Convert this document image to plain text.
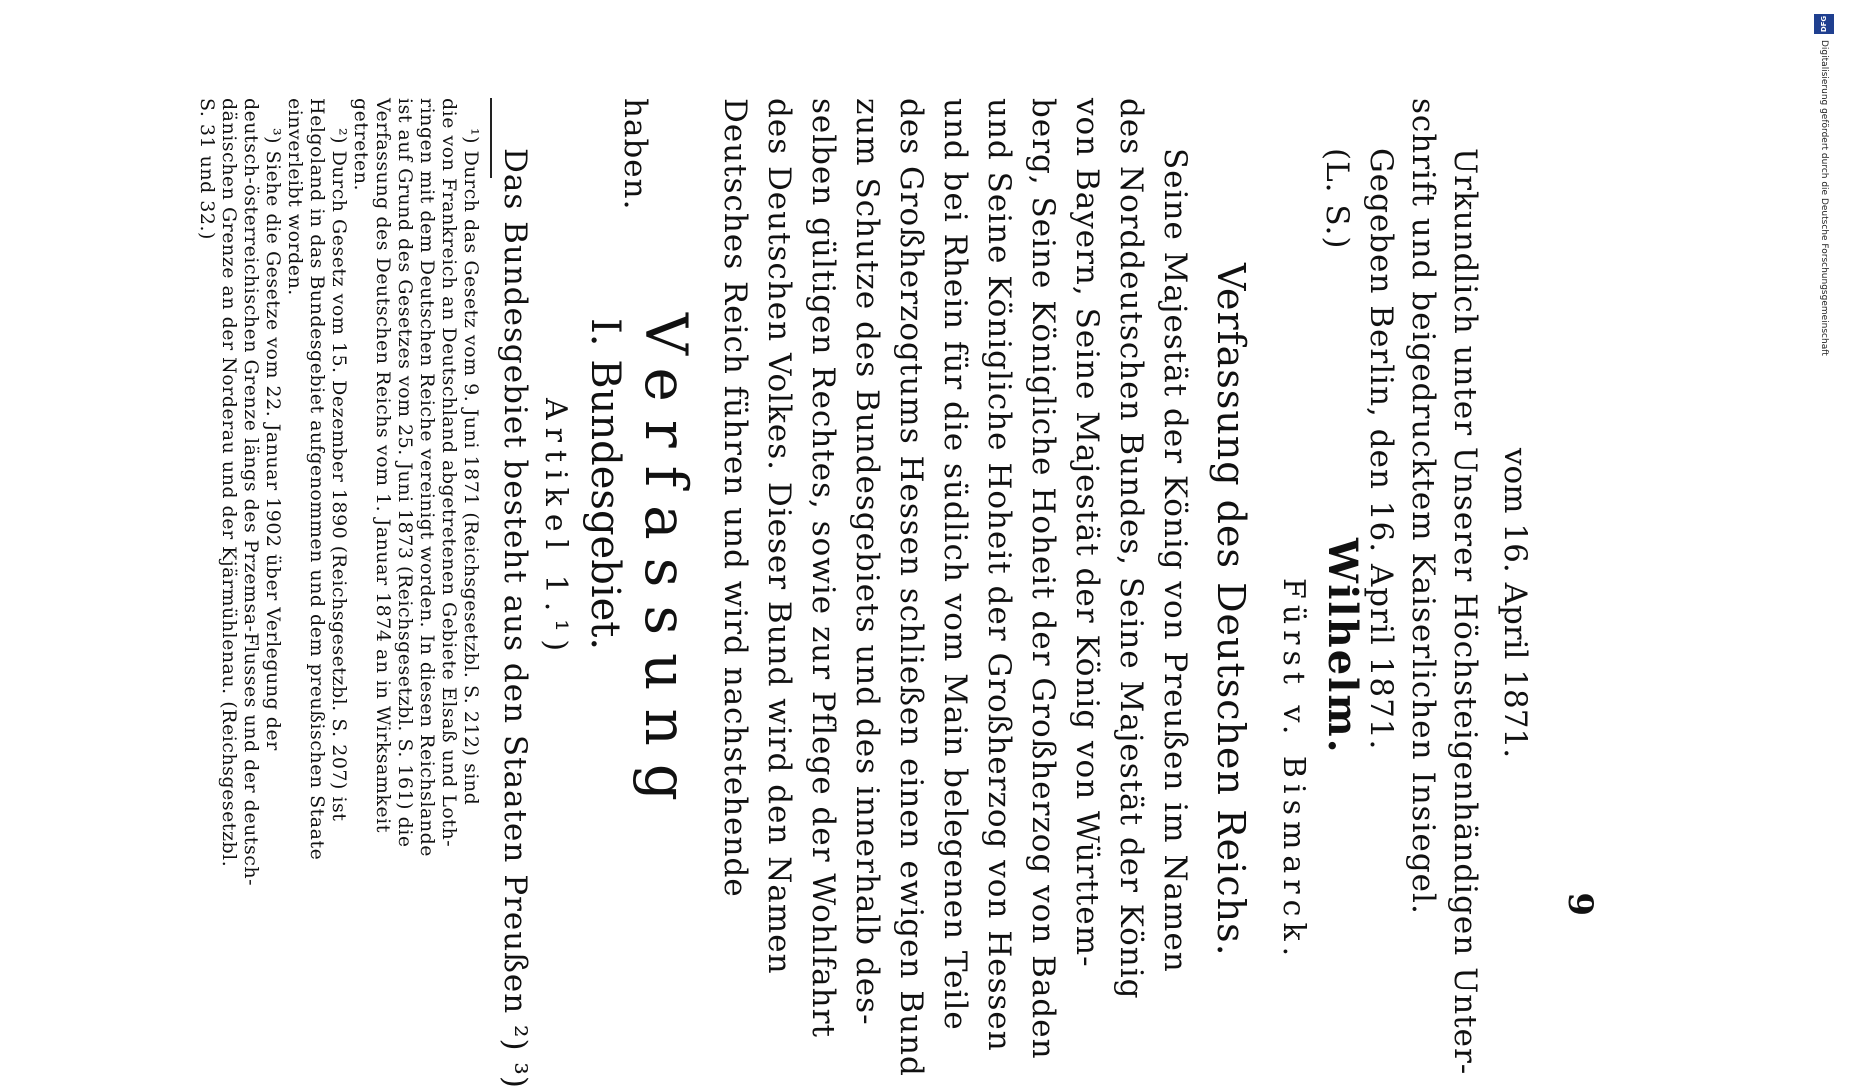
9
vom 16. April 1871.
Urkundlich unter Unserer Höchsteigenhändigen Unter-
schrift und beigedrucktem Kaiserlichen Insiegel.
Gegeben Berlin, den 16. April 1871.
(L. S.)
Wilhelm.
Fürst v. Bismarck.
Verfassung des Deutschen Reichs.
Seine Majestät der König von Preußen im Namen
des Norddeutschen Bundes, Seine Majestät der König
von Bayern, Seine Majestät der König von Württem-
berg, Seine Königliche Hoheit der Großherzog von Baden
und Seine Königliche Hoheit der Großherzog von Hessen
und bei Rhein für die südlich vom Main belegenen Teile
des Großherzogtums Hessen schließen einen ewigen Bund
zum Schutze des Bundesgebiets und des innerhalb des-
selben gültigen Rechtes, sowie zur Pflege der Wohlfahrt
des Deutschen Volkes. Dieser Bund wird den Namen
Deutsches Reich führen und wird nachstehende
Verfassung
haben.
I. Bundesgebiet.
Artikel 1.¹)
Das Bundesgebiet besteht aus den Staaten Preußen ²) ³)
¹) Durch das Gesetz vom 9. Juni 1871 (Reichsgesetzbl. S. 212) sind
die von Frankreich an Deutschland abgetretenen Gebiete Elsaß und Loth-
ringen mit dem Deutschen Reiche vereinigt worden. In diesen Reichslande
ist auf Grund des Gesetzes vom 25. Juni 1873 (Reichsgesetzbl. S. 161) die
Verfassung des Deutschen Reichs vom 1. Januar 1874 an in Wirksamkeit
getreten.
²) Durch Gesetz vom 15. Dezember 1890 (Reichsgesetzbl. S. 207) ist
Helgoland in das Bundesgebiet aufgenommen und dem preußischen Staate
einverleibt worden.
³) Siehe die Gesetze vom 22. Januar 1902 über Verlegung der
deutsch-österreichischen Grenze längs des Przemsa-Flusses und der deutsch-
dänischen Grenze an der Norderau und der Kjärmühlenau. (Reichsgesetzbl.
S. 31 und 32.)
DFG
Digitalisierung gefördert durch die Deutsche Forschungsgemeinschaft
